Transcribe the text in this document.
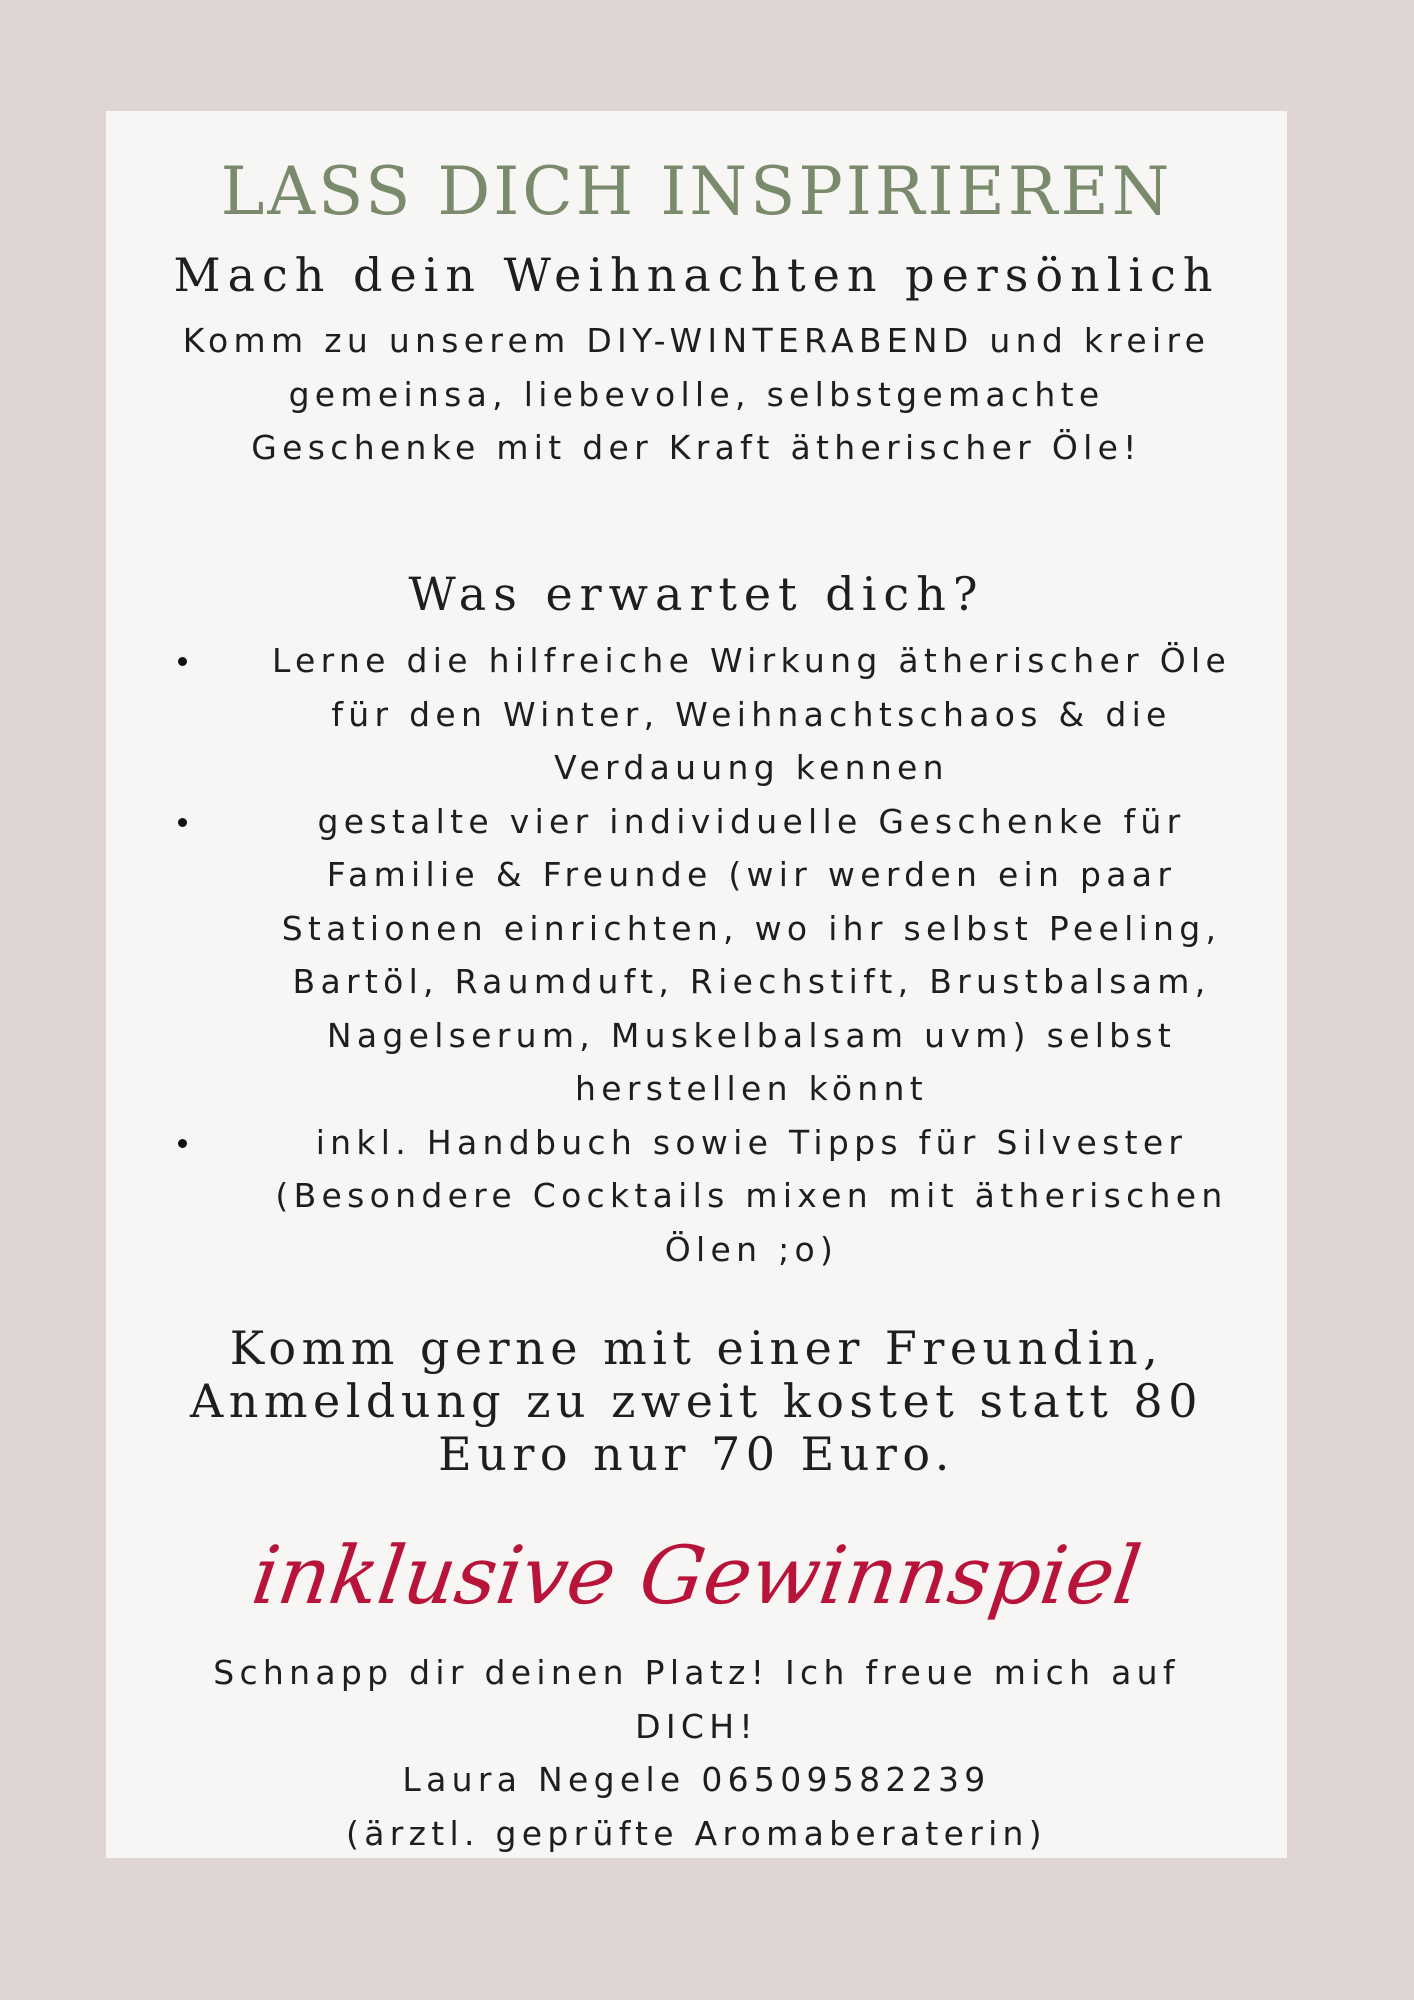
LASS DICH INSPIRIEREN
Mach dein Weihnachten persönlich
Komm zu unserem DIY-WINTERABEND und kreire
gemeinsa, liebevolle, selbstgemachte
Geschenke mit der Kraft ätherischer Öle!
Was erwartet dich?
Lerne die hilfreiche Wirkung ätherischer Öle
für den Winter, Weihnachtschaos & die
Verdauung kennen
gestalte vier individuelle Geschenke für
Familie & Freunde (wir werden ein paar
Stationen einrichten, wo ihr selbst Peeling,
Bartöl, Raumduft, Riechstift, Brustbalsam,
Nagelserum, Muskelbalsam uvm) selbst
herstellen könnt
inkl. Handbuch sowie Tipps für Silvester
(Besondere Cocktails mixen mit ätherischen
Ölen ;o)
Komm gerne mit einer Freundin,
Anmeldung zu zweit kostet statt 80
Euro nur 70 Euro.
inklusive Gewinnspiel
Schnapp dir deinen Platz! Ich freue mich auf
DICH!
Laura Negele 06509582239
(ärztl. geprüfte Aromaberaterin)
